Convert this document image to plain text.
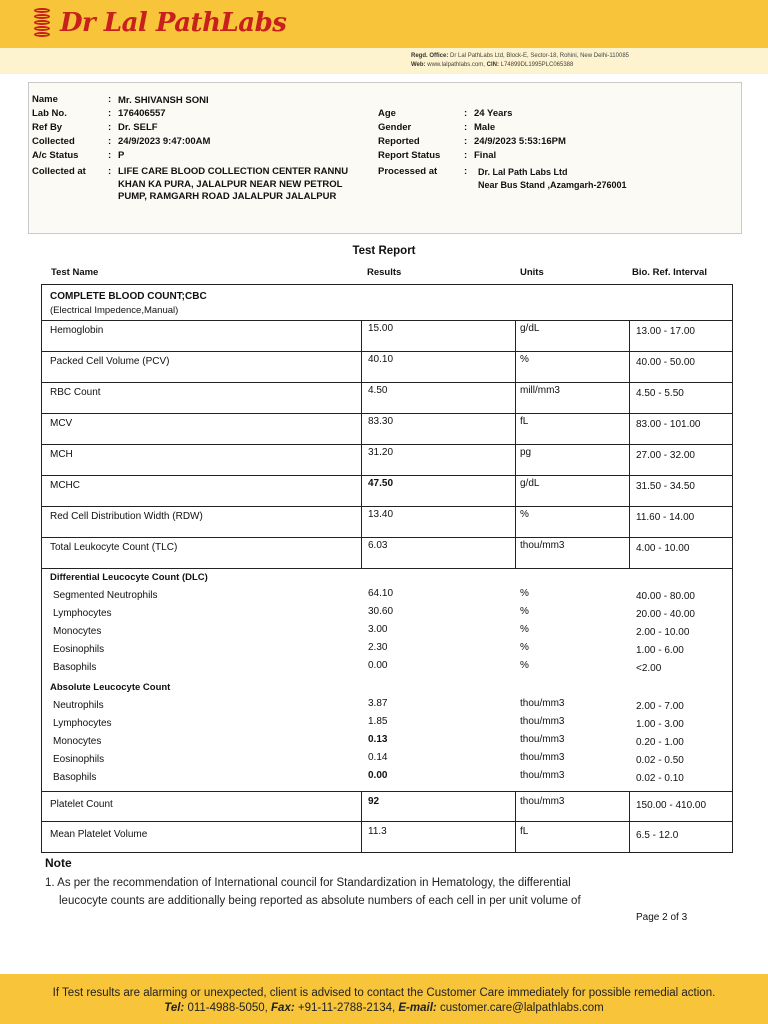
Dr Lal PathLabs
Regd. Office: Dr Lal PathLabs Ltd, Block-E, Sector-18, Rohini, New Delhi-110085
Web: www.lalpathlabs.com, CIN: L74899DL1995PLC065388
Name	: Mr. SHIVANSH SONI
Lab No.	: 176406557
Ref By	: Dr. SELF
Collected	: 24/9/2023 9:47:00AM
A/c Status	: P
Collected at : LIFE CARE BLOOD COLLECTION CENTER RANNU KHAN KA PURA, JALALPUR NEAR NEW PETROL PUMP, RAMGARH ROAD JALALPUR JALALPUR
Age	: 24 Years
Gender	: Male
Reported	: 24/9/2023 5:53:16PM
Report Status : Final
Processed at	: Dr. Lal Path Labs Ltd
Near Bus Stand ,Azamgarh-276001
Test Report
Test Name	Results	Units	Bio. Ref. Interval
COMPLETE BLOOD COUNT;CBC
(Electrical Impedence,Manual)
Hemoglobin	15.00	g/dL	13.00 - 17.00
Packed Cell Volume (PCV)	40.10	%	40.00 - 50.00
RBC Count	4.50	mill/mm3	4.50 - 5.50
MCV	83.30	fL	83.00 - 101.00
MCH	31.20	pg	27.00 - 32.00
MCHC	47.50	g/dL	31.50 - 34.50
Red Cell Distribution Width (RDW)	13.40	%	11.60 - 14.00
Total Leukocyte Count (TLC)	6.03	thou/mm3	4.00 - 10.00
Differential Leucocyte Count (DLC)
Segmented Neutrophils	64.10	%	40.00 - 80.00
Lymphocytes	30.60	%	20.00 - 40.00
Monocytes	3.00	%	2.00 - 10.00
Eosinophils	2.30	%	1.00 - 6.00
Basophils	0.00	%	<2.00
Absolute Leucocyte Count
Neutrophils	3.87	thou/mm3	2.00 - 7.00
Lymphocytes	1.85	thou/mm3	1.00 - 3.00
Monocytes	0.13	thou/mm3	0.20 - 1.00
Eosinophils	0.14	thou/mm3	0.02 - 0.50
Basophils	0.00	thou/mm3	0.02 - 0.10
Platelet Count	92	thou/mm3	150.00 - 410.00
Mean Platelet Volume	11.3	fL	6.5 - 12.0
Note
1. As per the recommendation of International council for Standardization in Hematology, the differential
leucocyte counts are additionally being reported as absolute numbers of each cell in per unit volume of
Page 2 of 3
If Test results are alarming or unexpected, client is advised to contact the Customer Care immediately for possible remedial action.
Tel: 011-4988-5050, Fax: +91-11-2788-2134, E-mail: customer.care@lalpathlabs.com
